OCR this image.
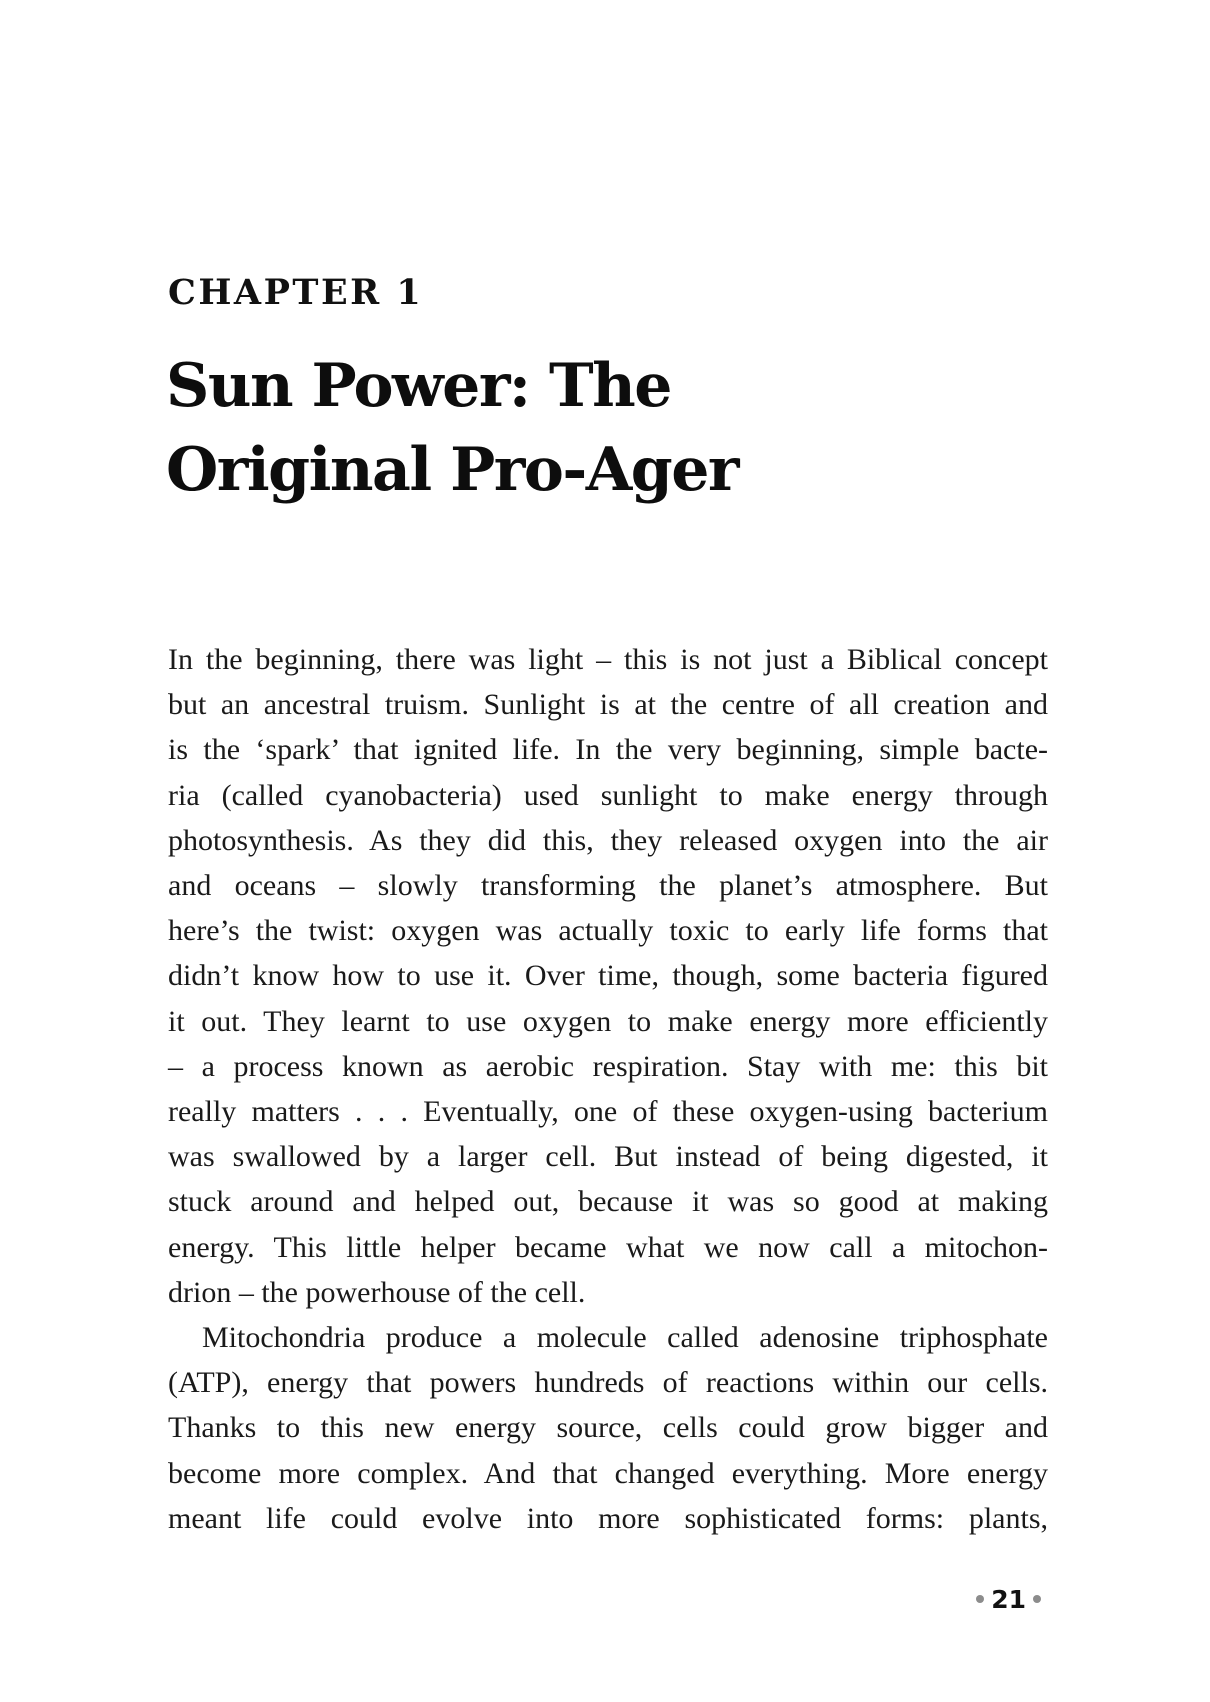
CHAPTER 1
Sun Power: The
Original Pro-Ager

In the beginning, there was light – this is not just a Biblical concept
but an ancestral truism. Sunlight is at the centre of all creation and
is the ‘spark’ that ignited life. In the very beginning, simple bacte-
ria (called cyanobacteria) used sunlight to make energy through
photosynthesis. As they did this, they released oxygen into the air
and oceans – slowly transforming the planet’s atmosphere. But
here’s the twist: oxygen was actually toxic to early life forms that
didn’t know how to use it. Over time, though, some bacteria figured
it out. They learnt to use oxygen to make energy more efficiently
– a process known as aerobic respiration. Stay with me: this bit
really matters . . . Eventually, one of these oxygen-using bacterium
was swallowed by a larger cell. But instead of being digested, it
stuck around and helped out, because it was so good at making
energy. This little helper became what we now call a mitochon-
drion – the powerhouse of the cell.

Mitochondria produce a molecule called adenosine triphosphate
(ATP), energy that powers hundreds of reactions within our cells.
Thanks to this new energy source, cells could grow bigger and
become more complex. And that changed everything. More energy
meant life could evolve into more sophisticated forms: plants,

21
